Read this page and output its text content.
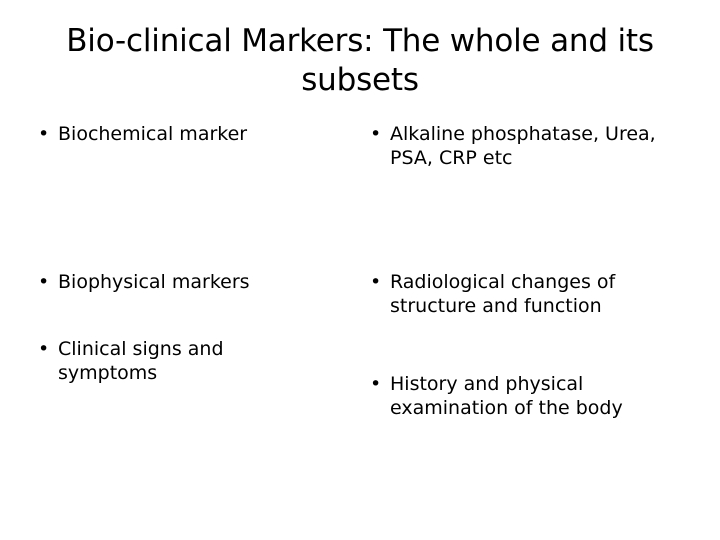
Bio-clinical Markers: The whole and its subsets
• Biochemical marker
• Biophysical markers
• Clinical signs and symptoms
• Alkaline phosphatase, Urea, PSA, CRP etc
• Radiological changes of structure and function
• History and physical examination of the body
